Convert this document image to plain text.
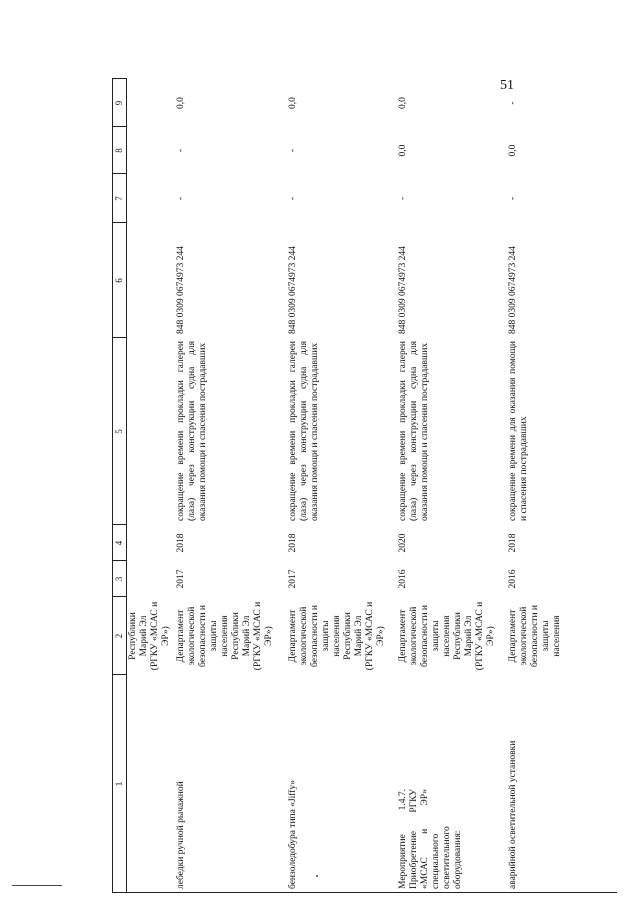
51
1
2
3
4
5
6
7
8
9
Республики Марий Эл (РГКУ «МСАС и ЭР»)
лебедки ручной рычажной
Департамент экологической безопасности и защиты населения Республики Марий Эл (РГКУ «МСАС и ЭР»)
2017
2018
сокращение времени прокладки галереи (лаза) через конструкции судна для оказания помощи и спасения пострадавших
848 0309 0674973 244
-
-
0,0
бензоледобура типа «Jiffy»
Департамент экологической безопасности и защиты населения Республики Марий Эл (РГКУ «МСАС и ЭР»)
2017
2018
сокращение времени прокладки галереи (лаза) через конструкции судна для оказания помощи и спасения пострадавших
848 0309 0674973 244
-
-
0,0
Мероприятие 1.4.7. Приобретение РГКУ «МСАС и ЭР» специального осветительного оборудования:
Департамент экологической безопасности и защиты населения Республики Марий Эл (РГКУ «МСАС и ЭР»)
2016
2020
сокращение времени прокладки галереи (лаза) через конструкции судна для оказания помощи и спасения пострадавших
848 0309 0674973 244
-
0,0
0,0
аварийной осветительной установки
Департамент экологической безопасности и защиты населения
2016
2018
сокращение времени для оказания помощи и спасения пострадавших
848 0309 0674973 244
-
0,0
-
